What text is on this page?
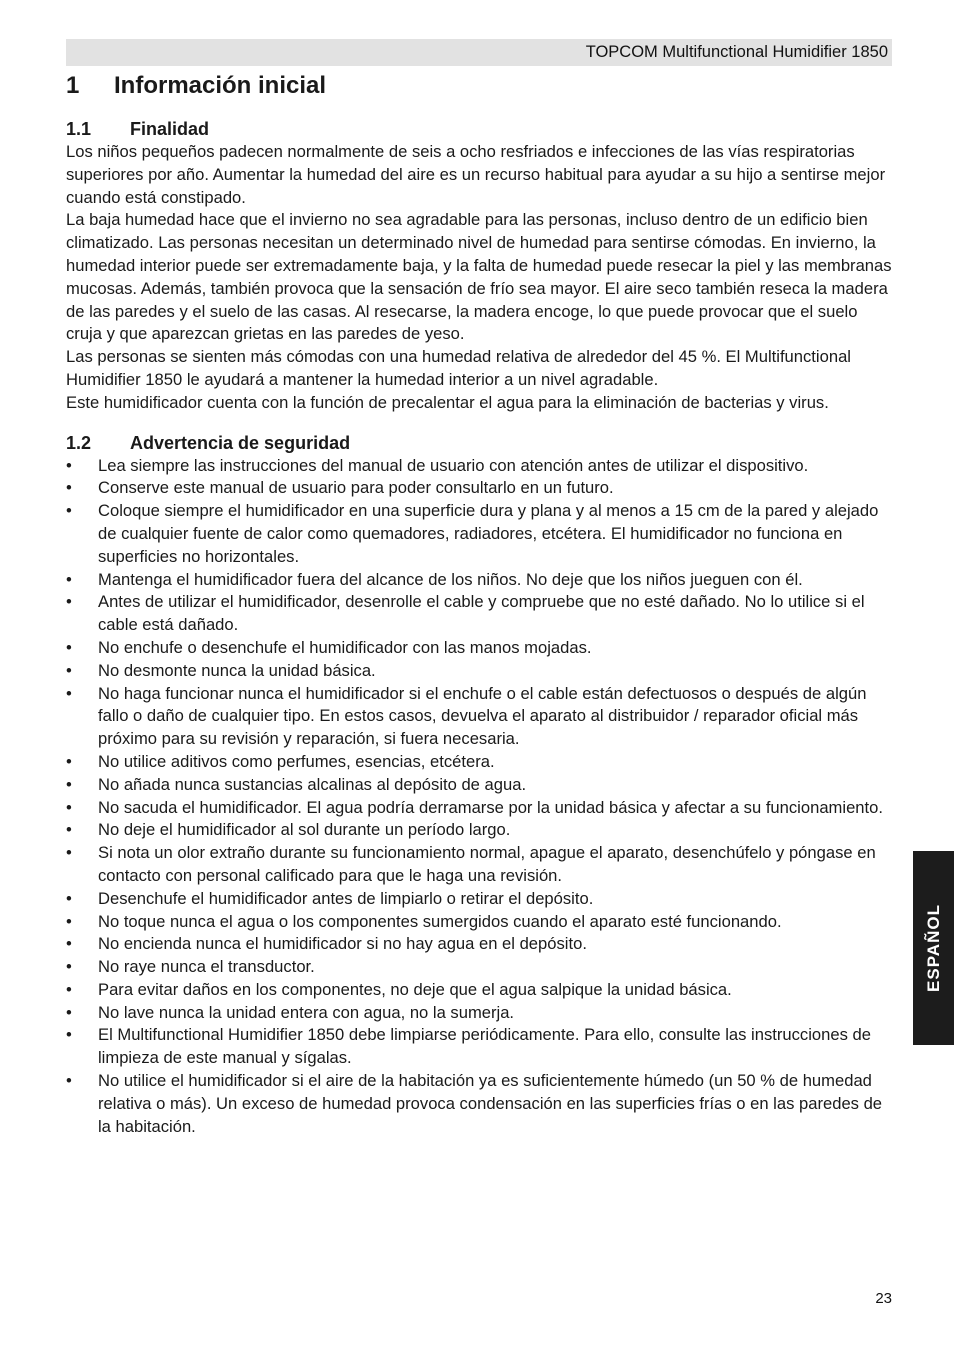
TOPCOM Multifunctional Humidifier 1850
1	Información inicial
1.1	Finalidad

Los niños pequeños padecen normalmente de seis a ocho resfriados e infecciones de las vías respiratorias superiores por año. Aumentar la humedad del aire es un recurso habitual para ayudar a su hijo a sentirse mejor cuando está constipado.

La baja humedad hace que el invierno no sea agradable para las personas, incluso dentro de un edificio bien climatizado. Las personas necesitan un determinado nivel de humedad para sentirse cómodas. En invierno, la humedad interior puede ser extremadamente baja, y la falta de humedad puede resecar la piel y las membranas mucosas. Además, también provoca que la sensación de frío sea mayor. El aire seco también reseca la madera de las paredes y el suelo de las casas. Al resecarse, la madera encoge, lo que puede provocar que el suelo cruja y que aparezcan grietas en las paredes de yeso.

Las personas se sienten más cómodas con una humedad relativa de alrededor del 45 %. El Multifunctional Humidifier 1850 le ayudará a mantener la humedad interior a un nivel agradable.

Este humidificador cuenta con la función de precalentar el agua para la eliminación de bacterias y virus.

1.2	Advertencia de seguridad
•	Lea siempre las instrucciones del manual de usuario con atención antes de utilizar el dispositivo.
•	Conserve este manual de usuario para poder consultarlo en un futuro.
•	Coloque siempre el humidificador en una superficie dura y plana y al menos a 15 cm de la pared y alejado de cualquier fuente de calor como quemadores, radiadores, etcétera. El humidificador no funciona en superficies no horizontales.
•	Mantenga el humidificador fuera del alcance de los niños. No deje que los niños jueguen con él.
•	Antes de utilizar el humidificador, desenrolle el cable y compruebe que no esté dañado. No lo utilice si el cable está dañado.
•	No enchufe o desenchufe el humidificador con las manos mojadas.
•	No desmonte nunca la unidad básica.
•	No haga funcionar nunca el humidificador si el enchufe o el cable están defectuosos o después de algún fallo o daño de cualquier tipo. En estos casos, devuelva el aparato al distribuidor / reparador oficial más próximo para su revisión y reparación, si fuera necesaria.
•	No utilice aditivos como perfumes, esencias, etcétera.
•	No añada nunca sustancias alcalinas al depósito de agua.
•	No sacuda el humidificador. El agua podría derramarse por la unidad básica y afectar a su funcionamiento.
•	No deje el humidificador al sol durante un período largo.
•	Si nota un olor extraño durante su funcionamiento normal, apague el aparato, desenchúfelo y póngase en contacto con personal calificado para que le haga una revisión.
•	Desenchufe el humidificador antes de limpiarlo o retirar el depósito.
•	No toque nunca el agua o los componentes sumergidos cuando el aparato esté funcionando.
•	No encienda nunca el humidificador si no hay agua en el depósito.
•	No raye nunca el transductor.
•	Para evitar daños en los componentes, no deje que el agua salpique la unidad básica.
•	No lave nunca la unidad entera con agua, no la sumerja.
•	El Multifunctional Humidifier 1850 debe limpiarse periódicamente. Para ello, consulte las instrucciones de limpieza de este manual y sígalas.
•	No utilice el humidificador si el aire de la habitación ya es suficientemente húmedo (un 50 % de humedad relativa o más). Un exceso de humedad provoca condensación en las superficies frías o en las paredes de la habitación.
ESPAÑOL
23
